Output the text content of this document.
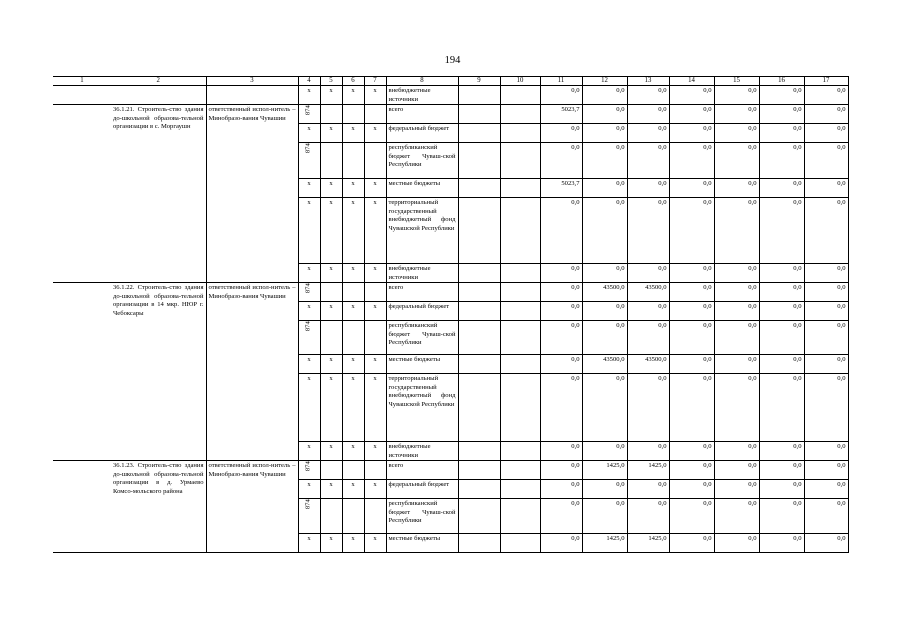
194
1	2	3	4	5	6	7	8	9	10	11	12	13	14	15	16	17
			х	х	х	х	внебюджетные источники			0,0	0,0	0,0	0,0	0,0	0,0	0,0
	36.1.21. Строитель-ство здания до-школьной образова-тельной организации в с. Моргаушн	ответственный испол-нитель – Минобразо-вания Чувашии	874				всего			5023,7	0,0	0,0	0,0	0,0	0,0	0,0
			х	х	х	х	федеральный бюджет			0,0	0,0	0,0	0,0	0,0	0,0	0,0
			874				республиканский бюджет Чуваш-ской Республики			0,0	0,0	0,0	0,0	0,0	0,0	0,0
			х	х	х	х	местные бюджеты			5023,7	0,0	0,0	0,0	0,0	0,0	0,0
			х	х	х	х	территориальный государственный внебюджетный фонд Чувашской Республики			0,0	0,0	0,0	0,0	0,0	0,0	0,0
			х	х	х	х	внебюджетные источники			0,0	0,0	0,0	0,0	0,0	0,0	0,0
	36.1.22. Строитель-ство здания до-школьной образова-тельной организации в 14 мкр. НЮР г. Чебоксары	ответственный испол-нитель – Минобразо-вания Чувашии	874				всего			0,0	43500,0	43500,0	0,0	0,0	0,0	0,0
			х	х	х	х	федеральный бюджет			0,0	0,0	0,0	0,0	0,0	0,0	0,0
			874				республиканский бюджет Чуваш-ской Республики			0,0	0,0	0,0	0,0	0,0	0,0	0,0
			х	х	х	х	местные бюджеты			0,0	43500,0	43500,0	0,0	0,0	0,0	0,0
			х	х	х	х	территориальный государственный внебюджетный фонд Чувашской Республики			0,0	0,0	0,0	0,0	0,0	0,0	0,0
			х	х	х	х	внебюджетные источники			0,0	0,0	0,0	0,0	0,0	0,0	0,0
	36.1.23. Строитель-ство здания до-школьной образова-тельной организации в д. Урмаево Комсо-мольского района	ответственный испол-нитель – Минобразо-вания Чувашии	874				всего			0,0	1425,0	1425,0	0,0	0,0	0,0	0,0
			х	х	х	х	федеральный бюджет			0,0	0,0	0,0	0,0	0,0	0,0	0,0
			874				республиканский бюджет Чуваш-ской Республики			0,0	0,0	0,0	0,0	0,0	0,0	0,0
			х	х	х	х	местные бюджеты			0,0	1425,0	1425,0	0,0	0,0	0,0	0,0
